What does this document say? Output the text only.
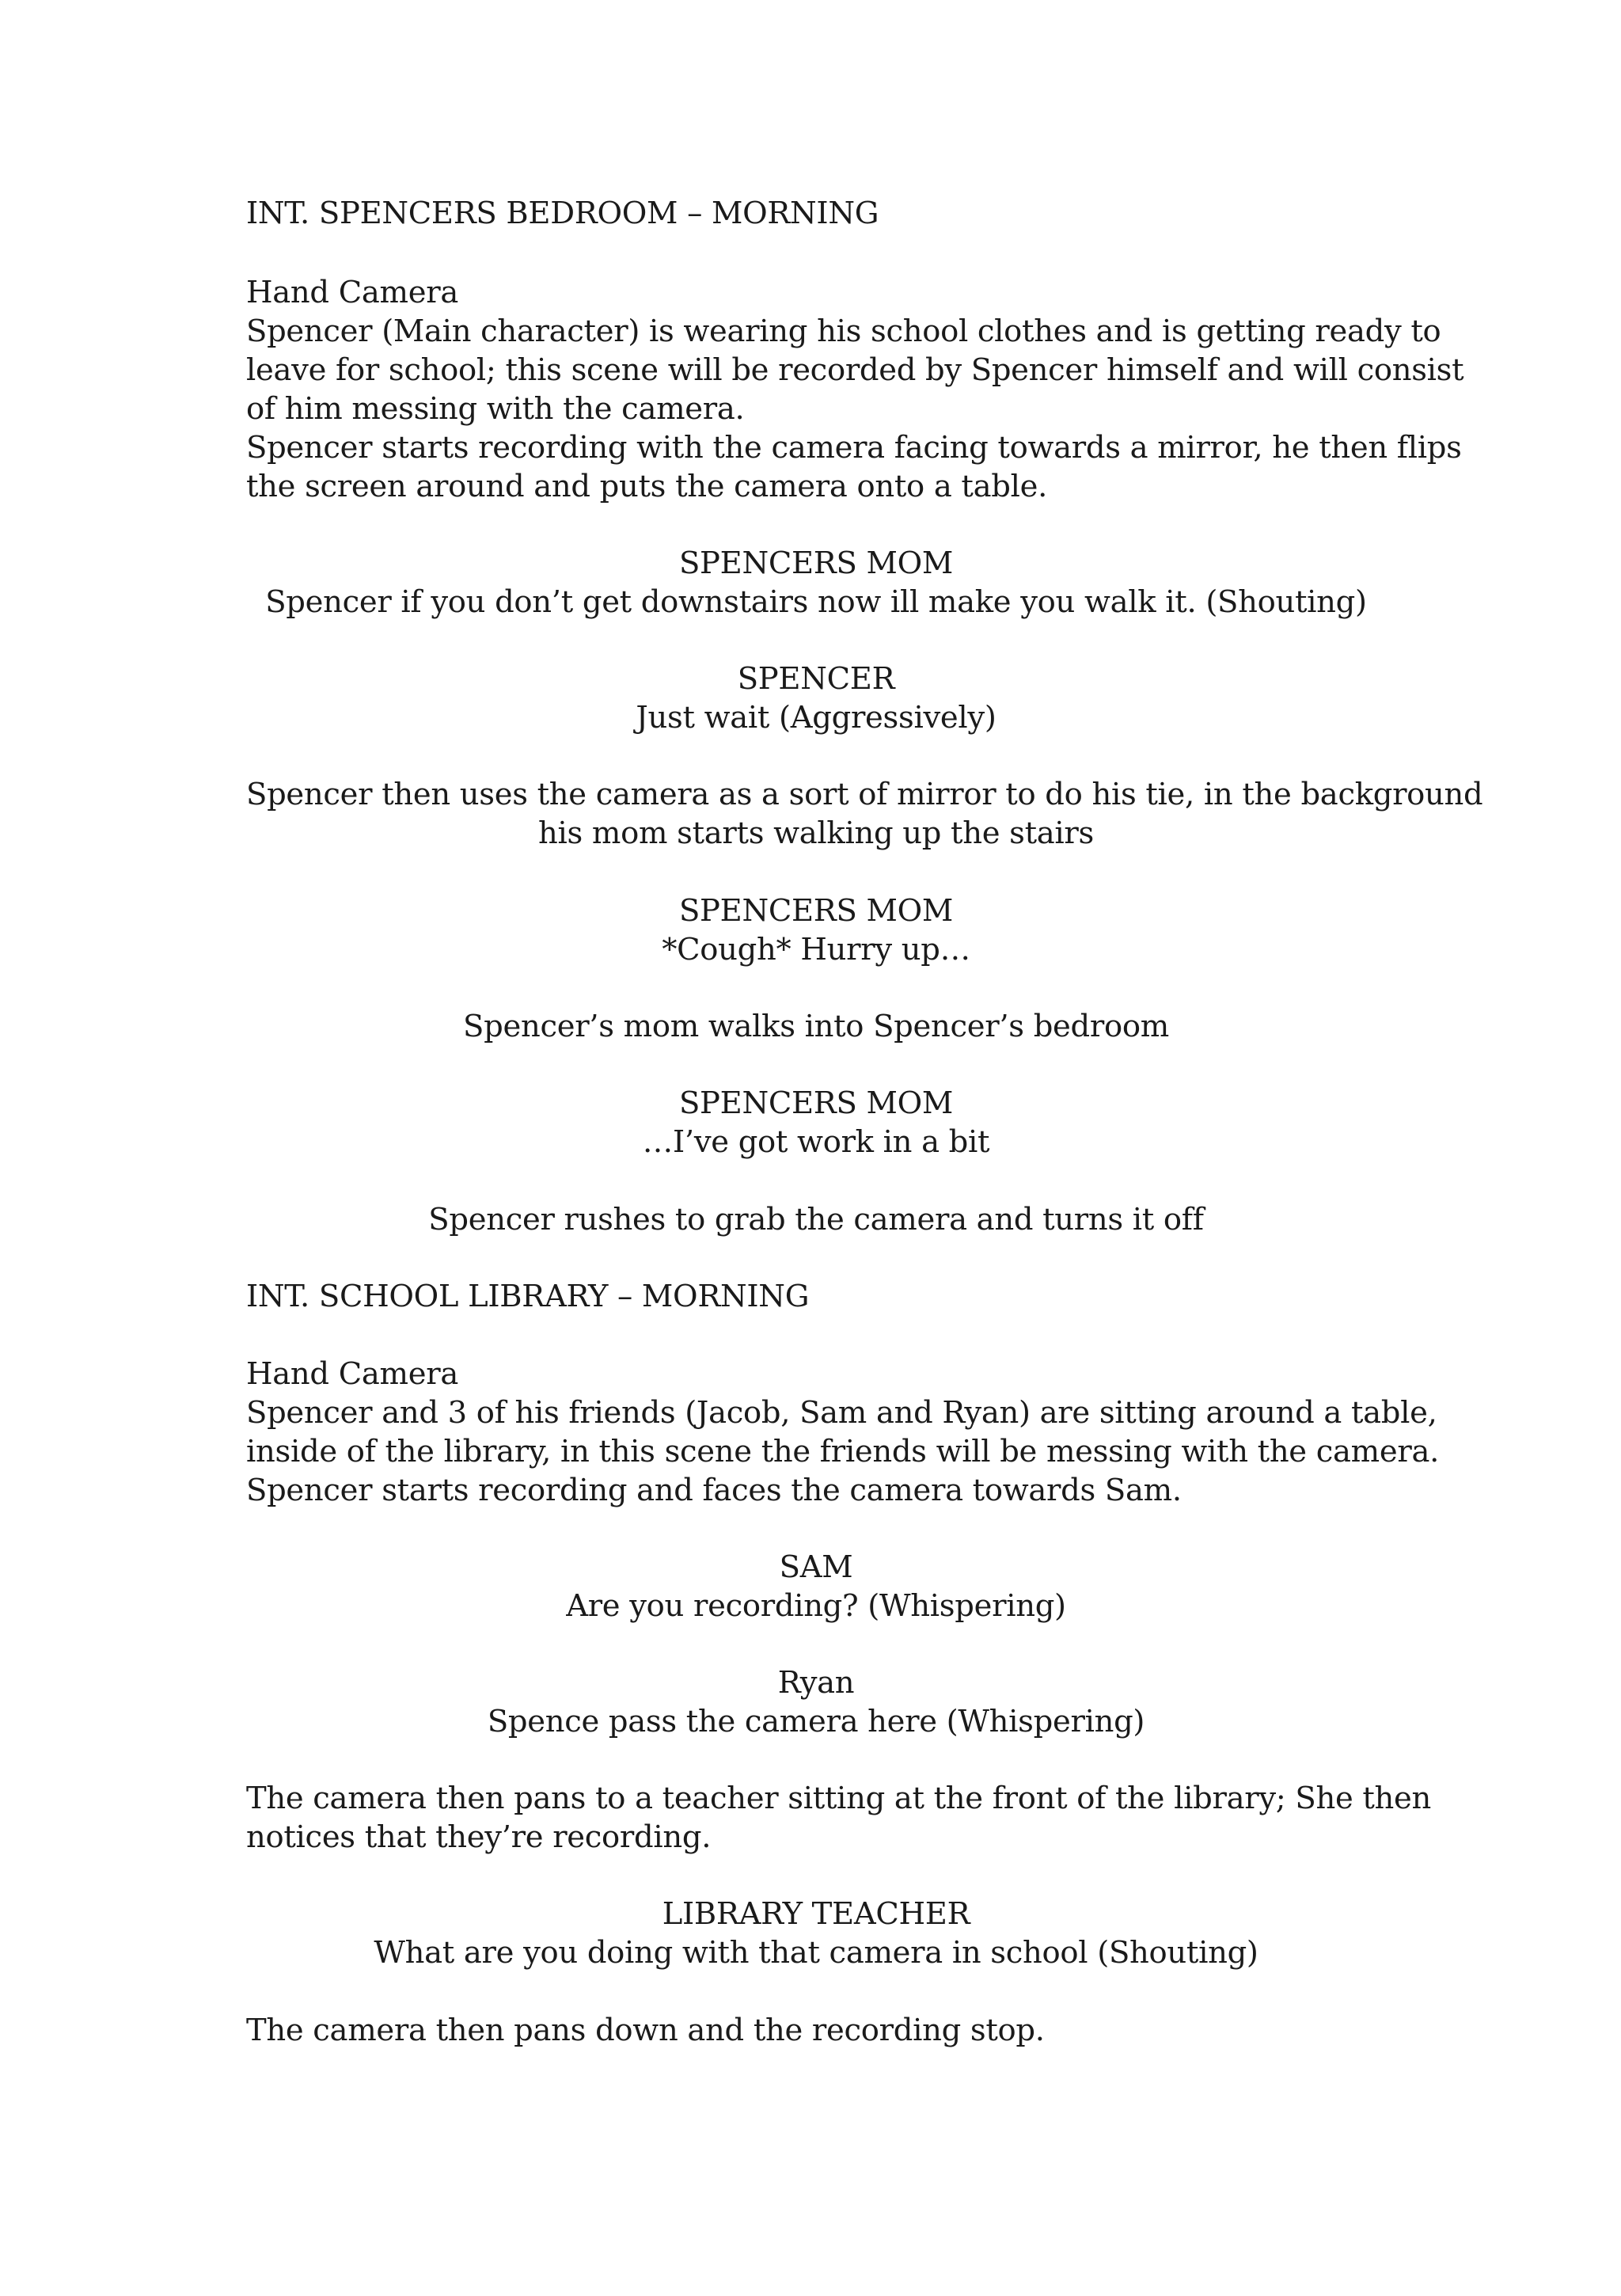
INT. SPENCERS BEDROOM – MORNING
Hand Camera
Spencer (Main character) is wearing his school clothes and is getting ready to
leave for school; this scene will be recorded by Spencer himself and will consist
of him messing with the camera.
Spencer starts recording with the camera facing towards a mirror, he then flips
the screen around and puts the camera onto a table.
SPENCERS MOM
Spencer if you don’t get downstairs now ill make you walk it. (Shouting)
SPENCER
Just wait (Aggressively)
Spencer then uses the camera as a sort of mirror to do his tie, in the background
his mom starts walking up the stairs
SPENCERS MOM
*Cough* Hurry up…
Spencer’s mom walks into Spencer’s bedroom
SPENCERS MOM
…I’ve got work in a bit
Spencer rushes to grab the camera and turns it off
INT. SCHOOL LIBRARY – MORNING
Hand Camera
Spencer and 3 of his friends (Jacob, Sam and Ryan) are sitting around a table,
inside of the library, in this scene the friends will be messing with the camera.
Spencer starts recording and faces the camera towards Sam.
SAM
Are you recording? (Whispering)
Ryan
Spence pass the camera here (Whispering)
The camera then pans to a teacher sitting at the front of the library; She then
notices that they’re recording.
LIBRARY TEACHER
What are you doing with that camera in school (Shouting)
The camera then pans down and the recording stop.
